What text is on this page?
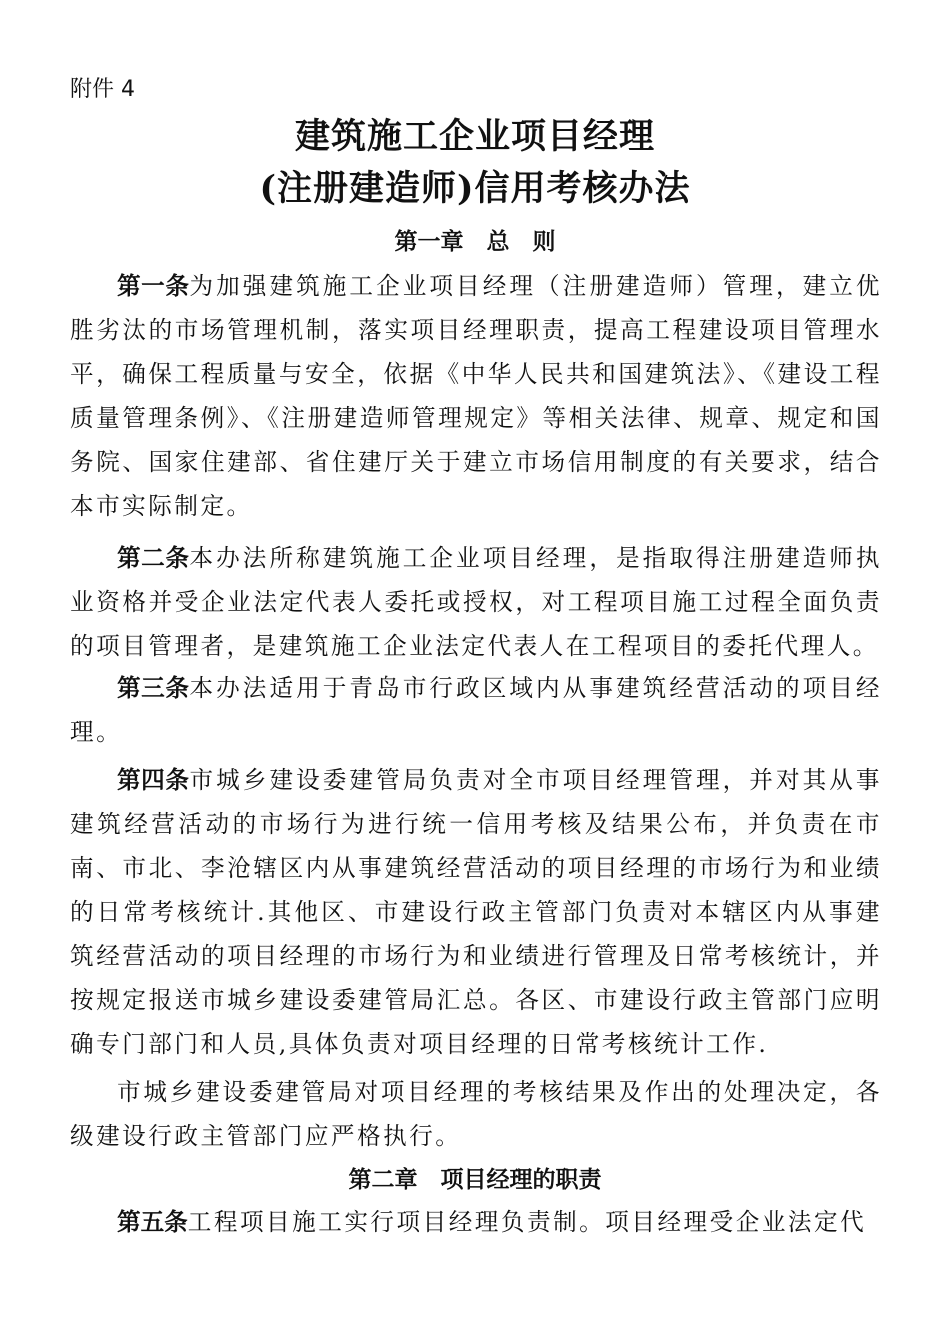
附件 4
建筑施工企业项目经理
(注册建造师)信用考核办法
第一章　总　则
第一条为加强建筑施工企业项目经理（注册建造师）管理，建立优胜劣汰的市场管理机制，落实项目经理职责，提高工程建设项目管理水平，确保工程质量与安全，依据《中华人民共和国建筑法》、《建设工程质量管理条例》、《注册建造师管理规定》等相关法律、规章、规定和国务院、国家住建部、省住建厅关于建立市场信用制度的有关要求，结合本市实际制定。
第二条本办法所称建筑施工企业项目经理，是指取得注册建造师执业资格并受企业法定代表人委托或授权，对工程项目施工过程全面负责的项目管理者，是建筑施工企业法定代表人在工程项目的委托代理人。
第三条本办法适用于青岛市行政区域内从事建筑经营活动的项目经理。
第四条市城乡建设委建管局负责对全市项目经理管理，并对其从事建筑经营活动的市场行为进行统一信用考核及结果公布，并负责在市南、市北、李沧辖区内从事建筑经营活动的项目经理的市场行为和业绩的日常考核统计.其他区、市建设行政主管部门负责对本辖区内从事建筑经营活动的项目经理的市场行为和业绩进行管理及日常考核统计，并按规定报送市城乡建设委建管局汇总。各区、市建设行政主管部门应明确专门部门和人员,具体负责对项目经理的日常考核统计工作.
市城乡建设委建管局对项目经理的考核结果及作出的处理决定，各级建设行政主管部门应严格执行。
第二章　项目经理的职责
第五条工程项目施工实行项目经理负责制。项目经理受企业法定代
